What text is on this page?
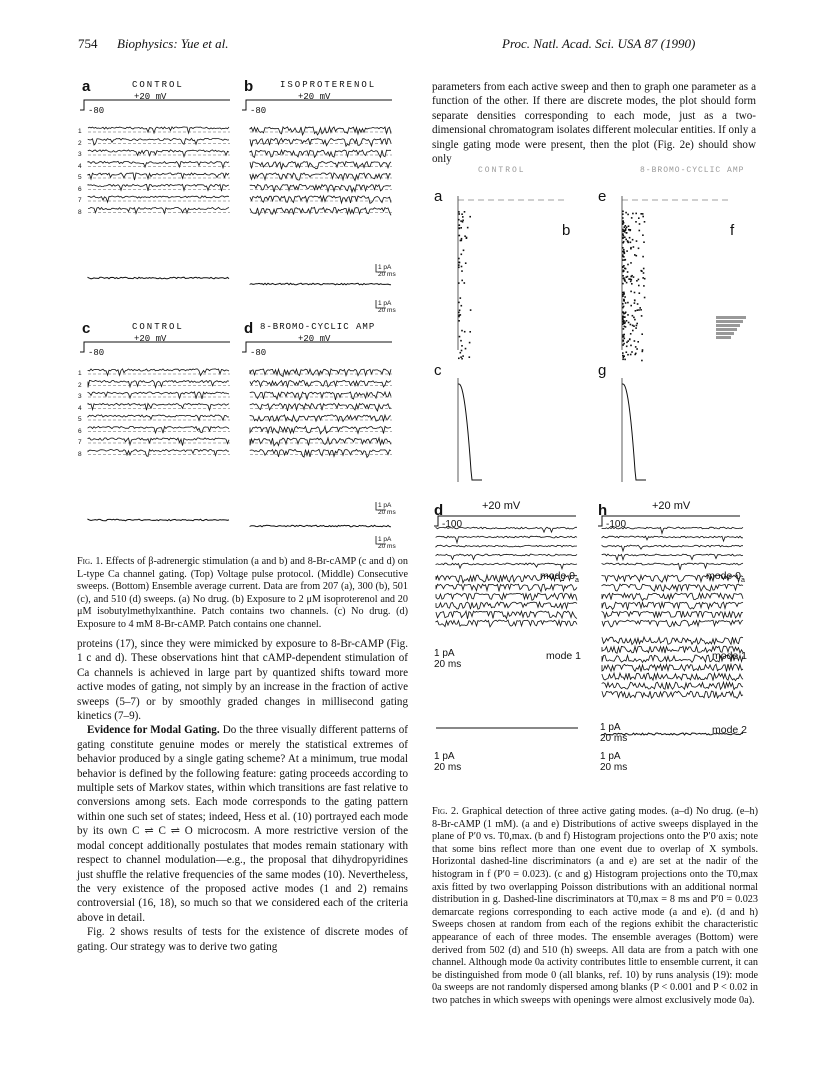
754 Biophysics: Yue et al.	Proc. Natl. Acad. Sci. USA 87 (1990)
a	CONTROL
+20 mV
-80
b	ISOPROTERENOL
+20 mV
-80
1 pA
20 ms
1 pA
20 ms
c	CONTROL
+20 mV
-80
d 8-BROMO-CYCLIC AMP
+20 mV
-80
1 pA
20 ms
1 pA
20 ms
1
2
3
4
5
6
7
8
1
2
3
4
5
6
7
8
Fig. 1. Effects of β-adrenergic stimulation (a and b) and 8-Br-cAMP (c and d) on L-type Ca channel gating. (Top) Voltage pulse protocol. (Middle) Consecutive sweeps. (Bottom) Ensemble average current. Data are from 207 (a), 300 (b), 501 (c), and 510 (d) sweeps. (a) No drug. (b) Exposure to 2 μM isoproterenol and 20 μM isobutylmethylxanthine. Patch contains two channels. (c) No drug. (d) Exposure to 4 mM 8-Br-cAMP. Patch contains one channel.

proteins (17), since they were mimicked by exposure to 8-Br-cAMP (Fig. 1 c and d). These observations hint that cAMP-dependent stimulation of Ca channels is achieved in large part by quantized shifts toward more active modes of gating, not simply by an increase in the fraction of active sweeps (5–7) or by smoothly graded changes in millisecond gating kinetics (7–9).

Evidence for Modal Gating. Do the three visually different patterns of gating constitute genuine modes or merely the statistical extremes of behavior produced by a single gating scheme? At a minimum, true modal behavior is defined by the following feature: gating proceeds according to multiple sets of Markov states, within which transitions are fast relative to conversions among sets. Each mode corresponds to the gating pattern within one such set of states; indeed, Hess et al. (10) portrayed each mode by its own C ⇌ C ⇌ O microcosm. A more restrictive version of the modal concept additionally postulates that modes remain stationary with respect to channel modulation—e.g., the proposal that dihydropyridines just shuffle the relative frequencies of the same modes (10). Nevertheless, the very existence of the proposed active modes (1 and 2) remains controversial (16, 18), so much so that we considered each of the criteria above in detail.

Fig. 2 shows results of tests for the existence of discrete modes of gating. Our strategy was to derive two gating

parameters from each active sweep and then to graph one parameter as a function of the other. If there are discrete modes, the plot should form separate densities corresponding to each mode, just as a two-dimensional chromatogram isolates different molecular entities. If only a single gating mode were present, then the plot (Fig. 2e) should show only

CONTROL	8-BROMO-CYCLIC AMP
a
b
c
d
e
f
g
h
+20 mV	+20 mV
-100	-100
mode $0_a$	mode $0_a$
mode 1	mode 1
mode 2
1 pA
20 ms
1 pA
20 ms
1 pA
20 ms
1 pA
20 ms
Fig. 2. Graphical detection of three active gating modes. (a–d) No drug. (e–h) 8-Br-cAMP (1 mM). (a and e) Distributions of active sweeps displayed in the plane of P′0 vs. T0,max. (b and f) Histogram projections onto the P′0 axis; note that some bins reflect more than one event due to overlap of X symbols. Horizontal dashed-line discriminators (a and e) are set at the nadir of the histogram in f (P′0 = 0.023). (c and g) Histogram projections onto the T0,max axis fitted by two overlapping Poisson distributions with an additional normal distribution in g. Dashed-line discriminators at T0,max = 8 ms and P′0 = 0.023 demarcate regions corresponding to each active mode (a and e). (d and h) Sweeps chosen at random from each of the regions exhibit the characteristic appearance of each of three modes. The ensemble averages (Bottom) were derived from 502 (d) and 510 (h) sweeps. All data are from a patch with one channel. Although mode 0a activity contributes little to ensemble current, it can be distinguished from mode 0 (all blanks, ref. 10) by runs analysis (19): mode 0a sweeps are not randomly dispersed among blanks (P < 0.001 and P < 0.02 in two patches in which sweeps with openings were almost exclusively mode 0a).
